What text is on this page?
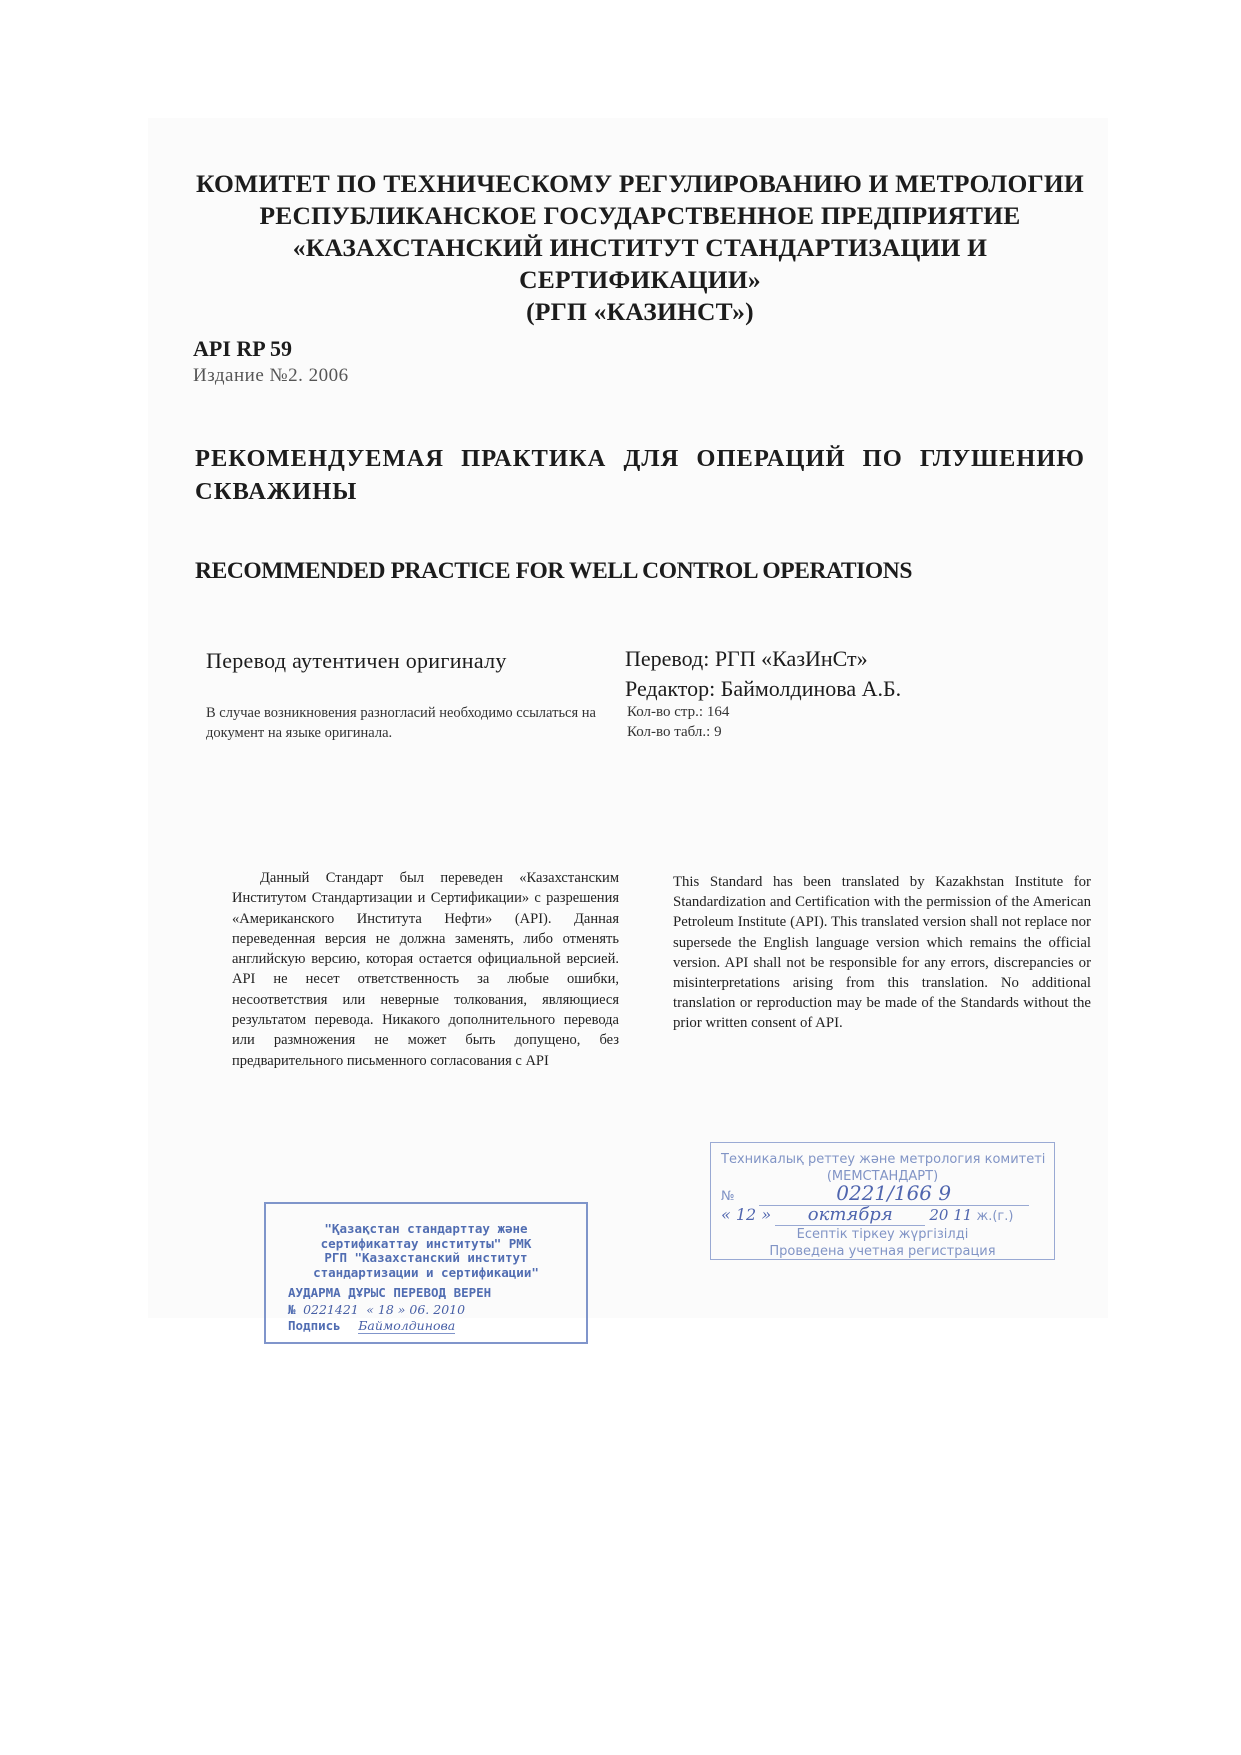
КОМИТЕТ ПО ТЕХНИЧЕСКОМУ РЕГУЛИРОВАНИЮ И МЕТРОЛОГИИ
РЕСПУБЛИКАНСКОЕ ГОСУДАРСТВЕННОЕ ПРЕДПРИЯТИЕ
«КАЗАХСТАНСКИЙ ИНСТИТУТ СТАНДАРТИЗАЦИИ И
СЕРТИФИКАЦИИ»
(РГП «КАЗИНСТ»)
API RP 59
Издание №2. 2006
РЕКОМЕНДУЕМАЯ ПРАКТИКА ДЛЯ ОПЕРАЦИЙ ПО ГЛУШЕНИЮ СКВАЖИНЫ
RECOMMENDED PRACTICE FOR WELL CONTROL OPERATIONS
Перевод аутентичен оригиналу
В случае возникновения разногласий необходимо ссылаться на документ на языке оригинала.
Перевод: РГП «КазИнСт»
Редактор: Баймолдинова А.Б.
Кол-во стр.: 164
Кол-во табл.: 9

Данный Стандарт был переведен «Казахстанским Институтом Стандартизации и Сертификации» с разрешения «Американского Института Нефти» (API). Данная переведенная версия не должна заменять, либо отменять английскую версию, которая остается официальной версией. API не несет ответственность за любые ошибки, несоответствия или неверные толкования, являющиеся результатом перевода. Никакого дополнительного перевода или размножения не может быть допущено, без предварительного письменного согласования с API

This Standard has been translated by Kazakhstan Institute for Standardization and Certification with the permission of the American Petroleum Institute (API). This translated version shall not replace nor supersede the English language version which remains the official version. API shall not be responsible for any errors, discrepancies or misinterpretations arising from this translation. No additional translation or reproduction may be made of the Standards without the prior written consent of API.

Техникалық реттеу және метрология комитеті
(МЕМСТАНДАРТ)
№	0221/166 9
« 12 » октября 20 11 ж.(г.)
Есептік тіркеу жүргізілді
Проведена учетная регистрация
"Қазақстан стандарттау және
сертификаттау институты" РМК
РГП "Казахстанский институт
стандартизации и сертификации"
АУДАРМА ДҰРЫС ПЕРЕВОД ВЕРЕН
№ 0221421 « 18 » 06. 2010
Подпись Баймолдинова
